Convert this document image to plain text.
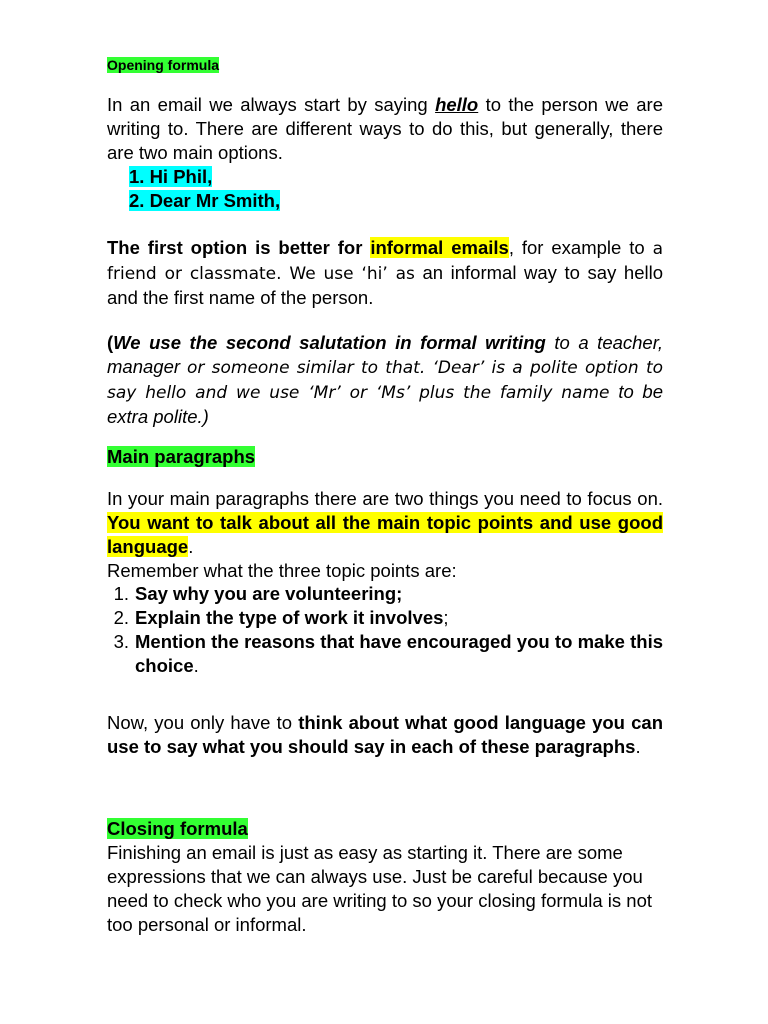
Opening formula

In an email we always start by saying hello to the person we are writing to. There are different ways to do this, but generally, there are two main options.

1. Hi Phil,
2. Dear Mr Smith,

The first option is better for informal emails, for example to a friend or classmate. We use ‘hi’ as an informal way to say hello and the first name of the person.

(We use the second salutation in formal writing to a teacher, manager or someone similar to that. ‘Dear’ is a polite option to say hello and we use ‘Mr’ or ‘Ms’ plus the family name to be extra polite.)

Main paragraphs

In your main paragraphs there are two things you need to focus on. You want to talk about all the main topic points and use good language.

Remember what the three topic points are:

1. Say why you are volunteering;
2. Explain the type of work it involves;
3. Mention the reasons that have encouraged you to make this choice.

Now, you only have to think about what good language you can use to say what you should say in each of these paragraphs.

Closing formula

Finishing an email is just as easy as starting it. There are some expressions that we can always use. Just be careful because you need to check who you are writing to so your closing formula is not too personal or informal.
